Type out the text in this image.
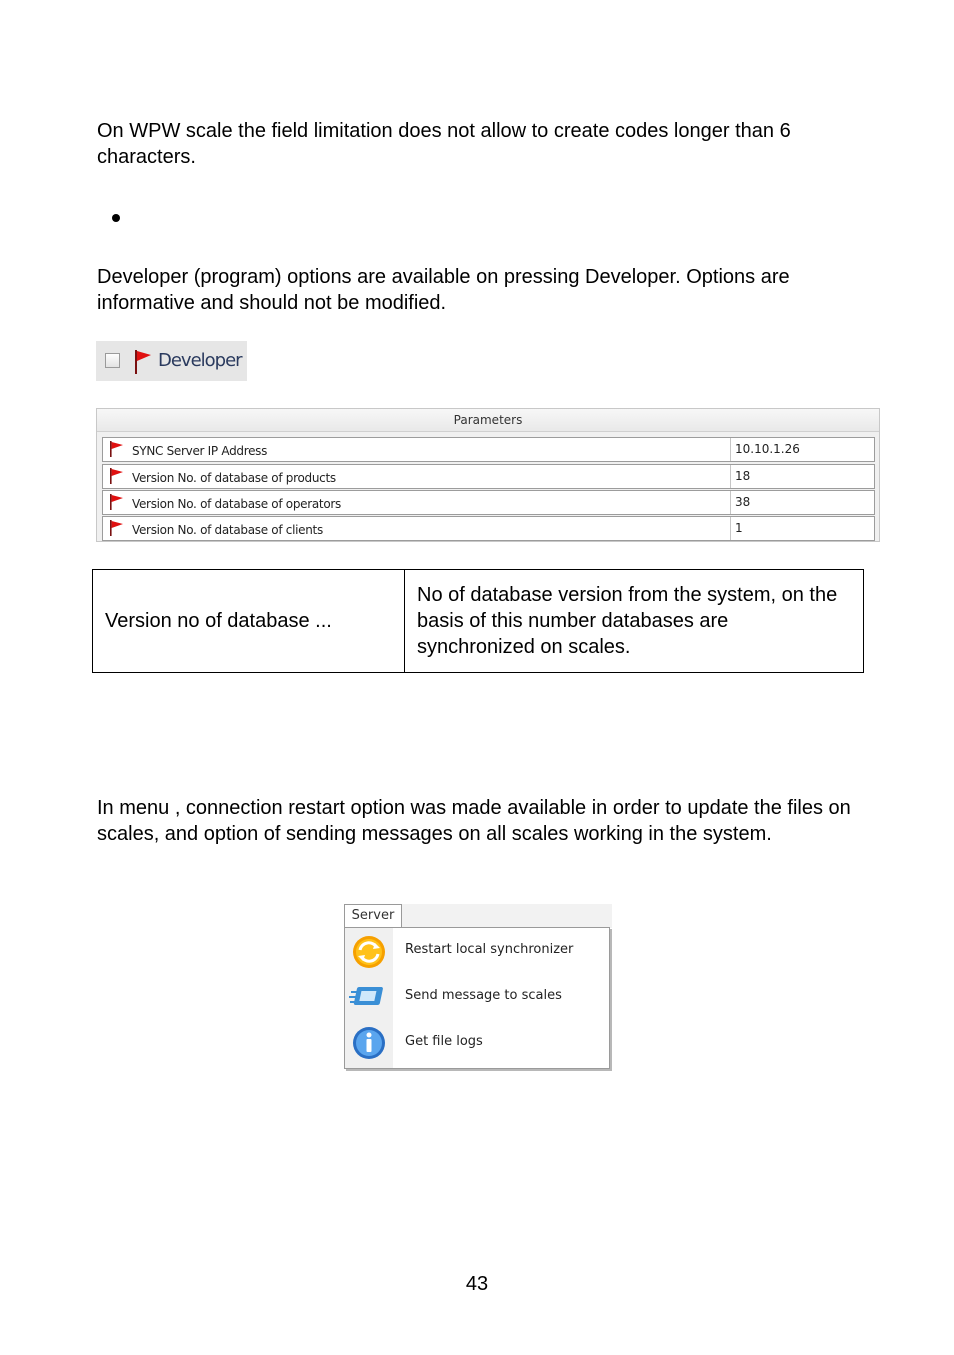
On WPW scale the field limitation does not allow to create codes longer than 6 characters.

Developer (program) options are available on pressing Developer. Options are informative and should not be modified.

Developer
Parameters
SYNC Server IP Address	10.10.1.26
Version No. of database of products	18
Version No. of database of operators	38
Version No. of database of clients	1
Version no of database ...	No of database version from the system, on the basis of this number databases are synchronized on scales.

In menu , connection restart option was made available in order to update the files on scales, and option of sending messages on all scales working in the system.

Server
Restart local synchronizer
Send message to scales
Get file logs
43
